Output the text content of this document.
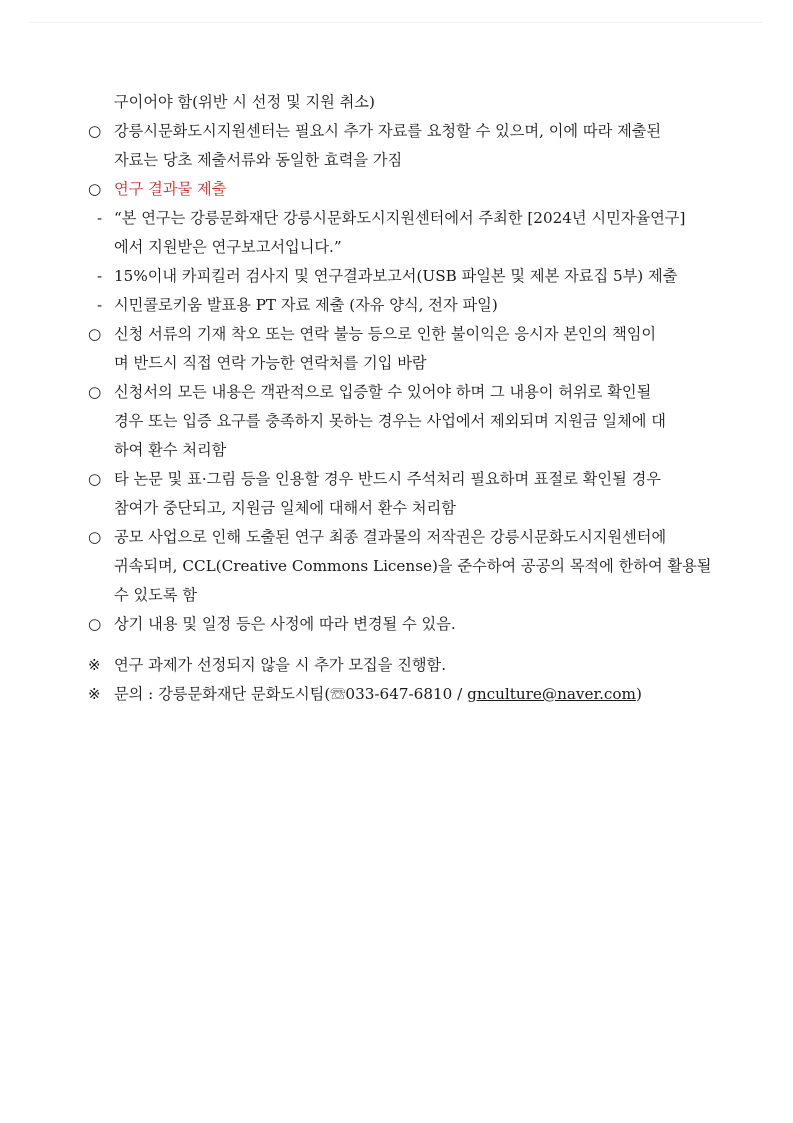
구이어야 함(위반 시 선정 및 지원 취소)
○ 강릉시문화도시지원센터는 필요시 추가 자료를 요청할 수 있으며, 이에 따라 제출된
자료는 당초 제출서류와 동일한 효력을 가짐
○ 연구 결과물 제출
- “본 연구는 강릉문화재단 강릉시문화도시지원센터에서 주최한 [2024년 시민자율연구]
에서 지원받은 연구보고서입니다.”
- 15%이내 카피킬러 검사지 및 연구결과보고서(USB 파일본 및 제본 자료집 5부) 제출
- 시민콜로키움 발표용 PT 자료 제출 (자유 양식, 전자 파일)
○ 신청 서류의 기재 착오 또는 연락 불능 등으로 인한 불이익은 응시자 본인의 책임이
며 반드시 직접 연락 가능한 연락처를 기입 바람
○ 신청서의 모든 내용은 객관적으로 입증할 수 있어야 하며 그 내용이 허위로 확인될
경우 또는 입증 요구를 충족하지 못하는 경우는 사업에서 제외되며 지원금 일체에 대
하여 환수 처리함
○ 타 논문 및 표·그림 등을 인용할 경우 반드시 주석처리 필요하며 표절로 확인될 경우
참여가 중단되고, 지원금 일체에 대해서 환수 처리함
○ 공모 사업으로 인해 도출된 연구 최종 결과물의 저작권은 강릉시문화도시지원센터에
귀속되며, CCL(Creative Commons License)을 준수하여 공공의 목적에 한하여 활용될
수 있도록 함
○ 상기 내용 및 일정 등은 사정에 따라 변경될 수 있음.
※ 연구 과제가 선정되지 않을 시 추가 모집을 진행함.
※ 문의 : 강릉문화재단 문화도시팀(☏033-647-6810 / gnculture@naver.com)
